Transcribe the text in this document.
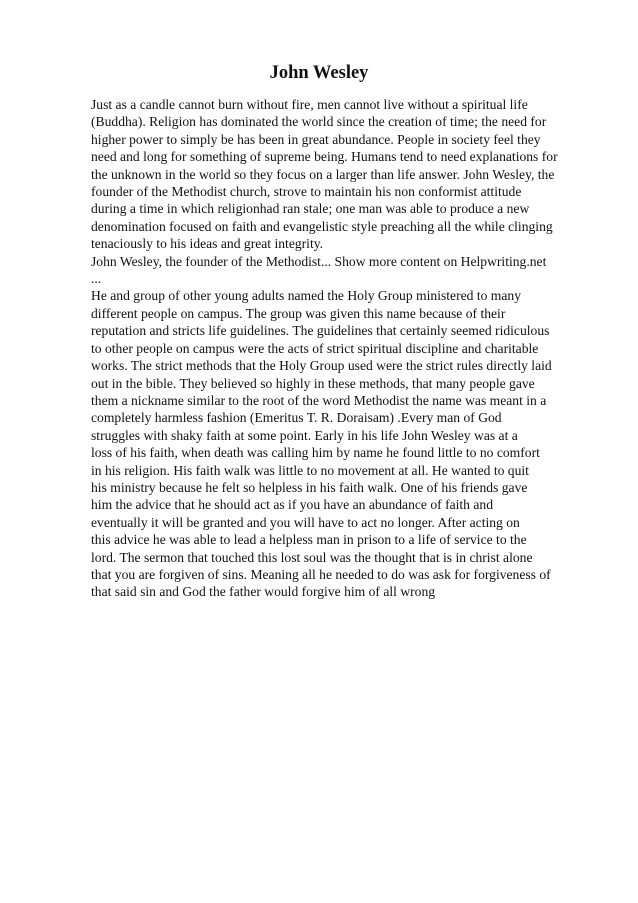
John Wesley
Just as a candle cannot burn without fire, men cannot live without a spiritual life
(Buddha). Religion has dominated the world since the creation of time; the need for
higher power to simply be has been in great abundance. People in society feel they
need and long for something of supreme being. Humans tend to need explanations for
the unknown in the world so they focus on a larger than life answer. John Wesley, the
founder of the Methodist church, strove to maintain his non conformist attitude
during a time in which religionhad ran stale; one man was able to produce a new
denomination focused on faith and evangelistic style preaching all the while clinging
tenaciously to his ideas and great integrity.
John Wesley, the founder of the Methodist... Show more content on Helpwriting.net
...
He and group of other young adults named the Holy Group ministered to many
different people on campus. The group was given this name because of their
reputation and stricts life guidelines. The guidelines that certainly seemed ridiculous
to other people on campus were the acts of strict spiritual discipline and charitable
works. The strict methods that the Holy Group used were the strict rules directly laid
out in the bible. They believed so highly in these methods, that many people gave
them a nickname similar to the root of the word Methodist the name was meant in a
completely harmless fashion (Emeritus T. R. Doraisam) .Every man of God
struggles with shaky faith at some point. Early in his life John Wesley was at a
loss of his faith, when death was calling him by name he found little to no comfort
in his religion. His faith walk was little to no movement at all. He wanted to quit
his ministry because he felt so helpless in his faith walk. One of his friends gave
him the advice that he should act as if you have an abundance of faith and
eventually it will be granted and you will have to act no longer. After acting on
this advice he was able to lead a helpless man in prison to a life of service to the
lord. The sermon that touched this lost soul was the thought that is in christ alone
that you are forgiven of sins. Meaning all he needed to do was ask for forgiveness of
that said sin and God the father would forgive him of all wrong
